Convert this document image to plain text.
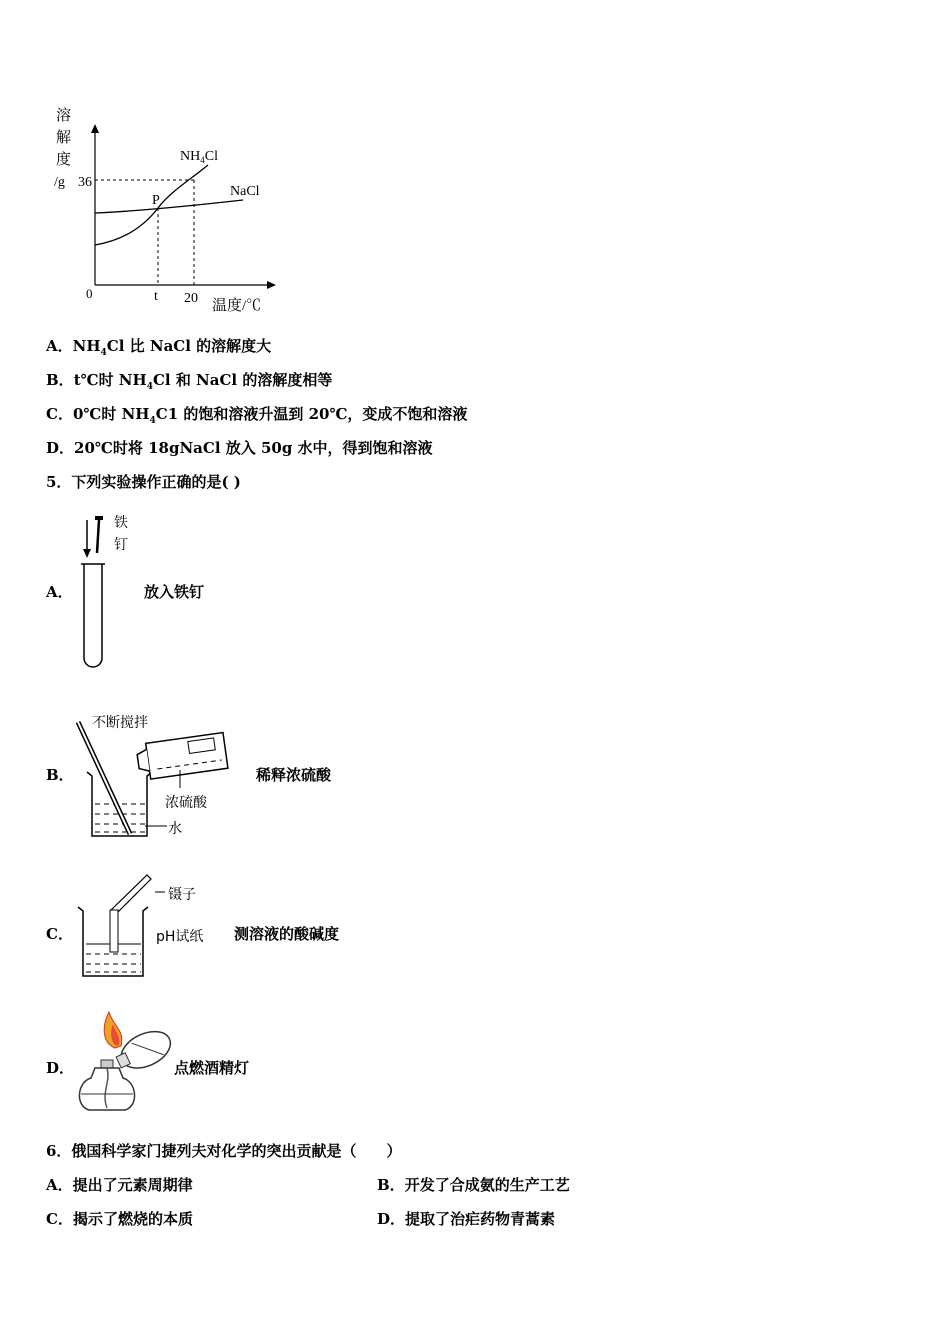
溶
解
度
/g 36
$NH_4Cl$
NaCl
P
0	t 20 温度/℃
A．$NH_4Cl$ 比 NaCl 的溶解度大
B．t℃时 $NH_4Cl$ 和 NaCl 的溶解度相等
C．0℃时 $NH_4C1$ 的饱和溶液升温到 20℃，变成不饱和溶液
D．20℃时将 18gNaCl 放入 50g 水中，得到饱和溶液
5．下列实验操作正确的是( )
A．
铁
钉
放入铁钉
B．
不断搅拌
浓硫酸
水
稀释浓硫酸
C．
镊子
pH试纸 测溶液的酸碱度
D．	点燃酒精灯
6．俄国科学家门捷列夫对化学的突出贡献是（　　）
A．提出了元素周期律	B．开发了合成氨的生产工艺
C．揭示了燃烧的本质	D．提取了治疟药物青蒿素
